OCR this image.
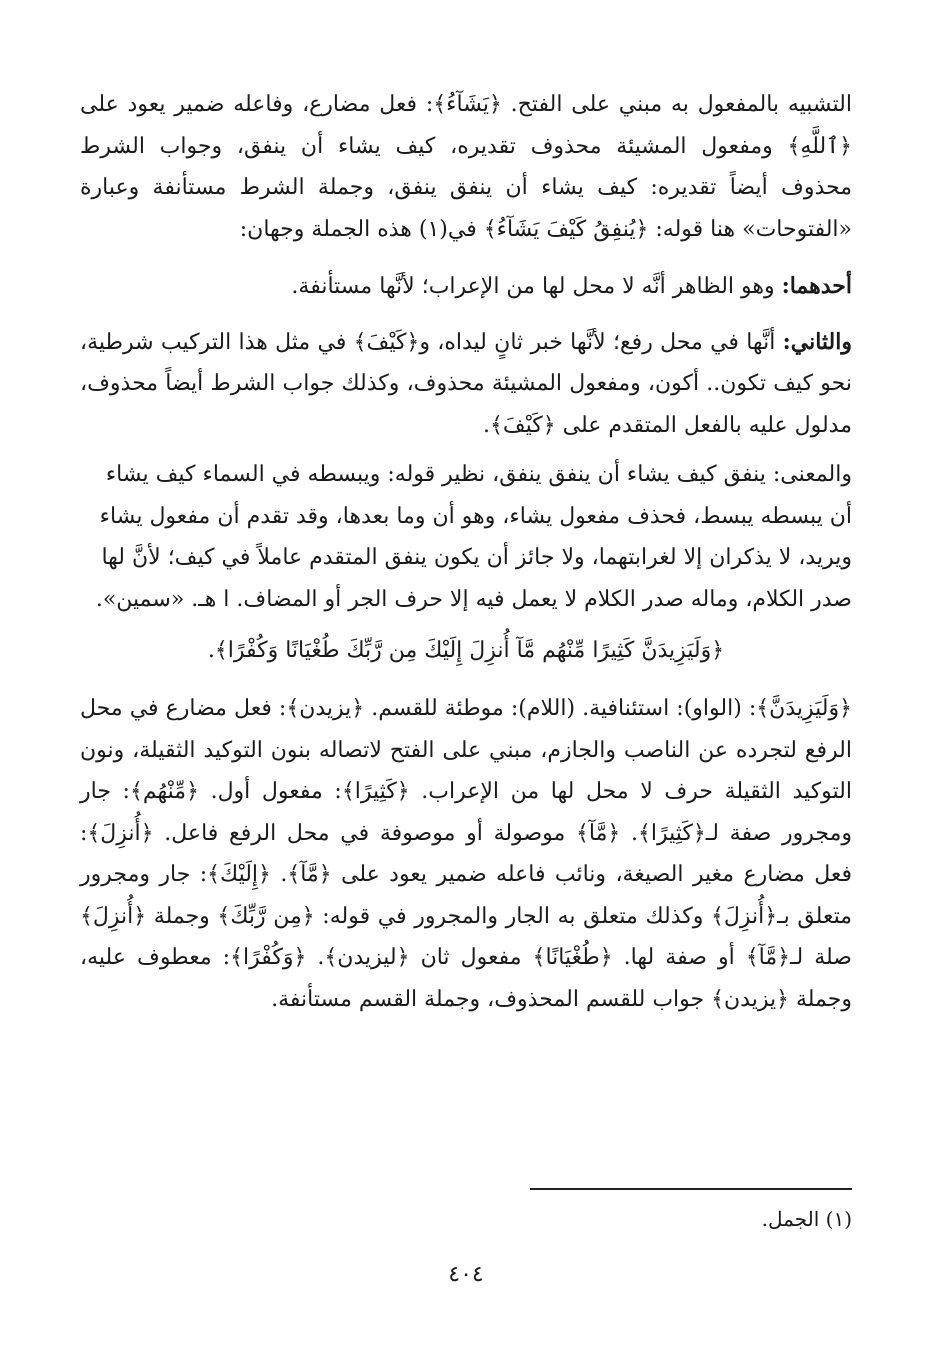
التشبيه بالمفعول به مبني على الفتح. ﴿يَشَآءُ﴾: فعل مضارع، وفاعله ضمير يعود على ﴿ٱللَّهِ﴾ ومفعول المشيئة محذوف تقديره، كيف يشاء أن ينفق، وجواب الشرط محذوف أيضاً تقديره: كيف يشاء أن ينفق ينفق، وجملة الشرط مستأنفة وعبارة «الفتوحات» هنا قوله: ﴿يُنفِقُ كَيْفَ يَشَآءُ﴾ في(١) هذه الجملة وجهان:

أحدهما: وهو الظاهر أنَّه لا محل لها من الإعراب؛ لأنَّها مستأنفة.

والثاني: أنَّها في محل رفع؛ لأنَّها خبر ثانٍ ليداه، و﴿كَيْفَ﴾ في مثل هذا التركيب شرطية، نحو كيف تكون.. أكون، ومفعول المشيئة محذوف، وكذلك جواب الشرط أيضاً محذوف، مدلول عليه بالفعل المتقدم على ﴿كَيْفَ﴾.

والمعنى: ينفق كيف يشاء أن ينفق ينفق، نظير قوله: ويبسطه في السماء كيف يشاء أن يبسطه يبسط، فحذف مفعول يشاء، وهو أن وما بعدها، وقد تقدم أن مفعول يشاء ويريد، لا يذكران إلا لغرابتهما، ولا جائز أن يكون ينفق المتقدم عاملاً في كيف؛ لأنَّ لها صدر الكلام، وماله صدر الكلام لا يعمل فيه إلا حرف الجر أو المضاف. ا هـ. «سمين».

﴿وَلَيَزِيدَنَّ كَثِيرًا مِّنْهُم مَّآ أُنزِلَ إِلَيْكَ مِن رَّبِّكَ طُغْيَانًا وَكُفْرًا﴾.

﴿وَلَيَزِيدَنَّ﴾: (الواو): استئنافية. (اللام): موطئة للقسم. ﴿يزيدن﴾: فعل مضارع في محل الرفع لتجرده عن الناصب والجازم، مبني على الفتح لاتصاله بنون التوكيد الثقيلة، ونون التوكيد الثقيلة حرف لا محل لها من الإعراب. ﴿كَثِيرًا﴾: مفعول أول. ﴿مِّنْهُم﴾: جار ومجرور صفة لـ﴿كَثِيرًا﴾. ﴿مَّآ﴾ موصولة أو موصوفة في محل الرفع فاعل. ﴿أُنزِلَ﴾: فعل مضارع مغير الصيغة، ونائب فاعله ضمير يعود على ﴿مَّآ﴾. ﴿إِلَيْكَ﴾: جار ومجرور متعلق بـ﴿أُنزِلَ﴾ وكذلك متعلق به الجار والمجرور في قوله: ﴿مِن رَّبِّكَ﴾ وجملة ﴿أُنزِلَ﴾ صلة لـ﴿مَّآ﴾ أو صفة لها. ﴿طُغْيَانًا﴾ مفعول ثان ﴿ليزيدن﴾. ﴿وَكُفْرًا﴾: معطوف عليه، وجملة ﴿يزيدن﴾ جواب للقسم المحذوف، وجملة القسم مستأنفة.

(١) الجمل.

٤٠٤
